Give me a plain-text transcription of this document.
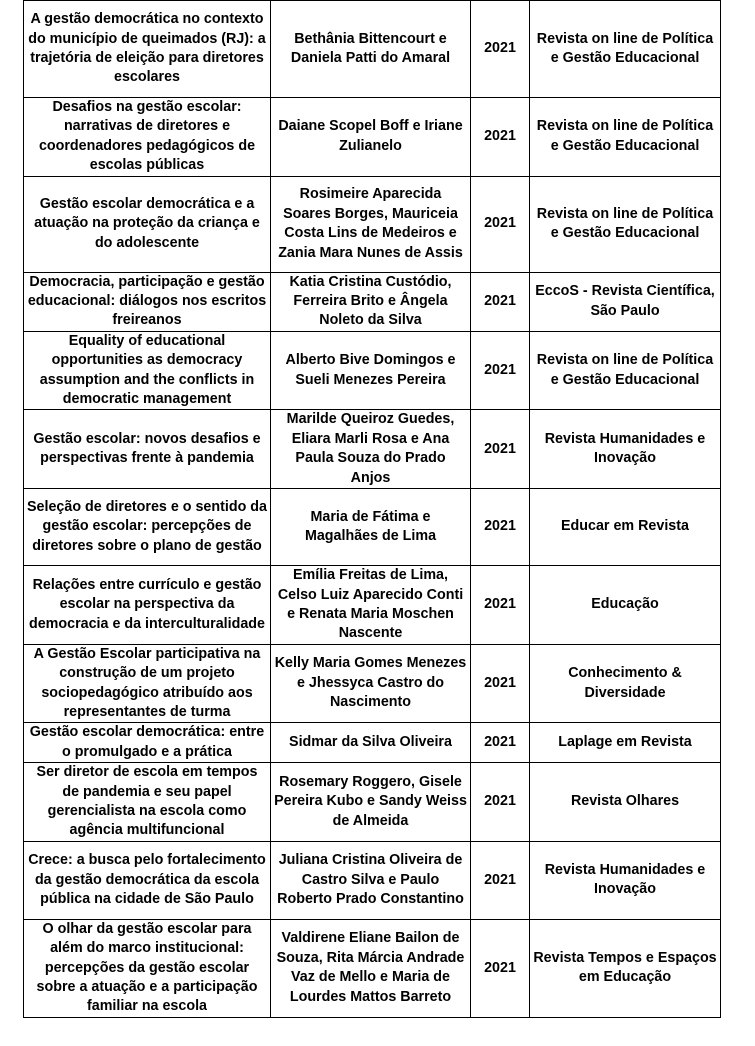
A gestão democrática no contexto do município de queimados (RJ): a trajetória de eleição para diretores escolares	Bethânia Bittencourt e Daniela Patti do Amaral	2021	Revista on line de Política e Gestão Educacional
Desafios na gestão escolar: narrativas de diretores e coordenadores pedagógicos de escolas públicas	Daiane Scopel Boff e Iriane Zulianelo	2021	Revista on line de Política e Gestão Educacional
Gestão escolar democrática e a atuação na proteção da criança e do adolescente	Rosimeire Aparecida Soares Borges, Mauriceia Costa Lins de Medeiros e Zania Mara Nunes de Assis	2021	Revista on line de Política e Gestão Educacional
Democracia, participação e gestão educacional: diálogos nos escritos freireanos	Katia Cristina Custódio, Ferreira Brito e Ângela Noleto da Silva	2021	EccoS - Revista Científica, São Paulo
Equality of educational opportunities as democracy assumption and the conflicts in democratic management	Alberto Bive Domingos e Sueli Menezes Pereira	2021	Revista on line de Política e Gestão Educacional
Gestão escolar: novos desafios e perspectivas frente à pandemia	Marilde Queiroz Guedes, Eliara Marli Rosa e Ana Paula Souza do Prado Anjos	2021	Revista Humanidades e Inovação
Seleção de diretores e o sentido da gestão escolar: percepções de diretores sobre o plano de gestão	Maria de Fátima e Magalhães de Lima	2021	Educar em Revista
Relações entre currículo e gestão escolar na perspectiva da democracia e da interculturalidade	Emília Freitas de Lima, Celso Luiz Aparecido Conti e Renata Maria Moschen Nascente	2021	Educação
A Gestão Escolar participativa na construção de um projeto sociopedagógico atribuído aos representantes de turma	Kelly Maria Gomes Menezes e Jhessyca Castro do Nascimento	2021	Conhecimento & Diversidade
Gestão escolar democrática: entre o promulgado e a prática	Sidmar da Silva Oliveira	2021	Laplage em Revista
Ser diretor de escola em tempos de pandemia e seu papel gerencialista na escola como agência multifuncional	Rosemary Roggero, Gisele Pereira Kubo e Sandy Weiss de Almeida	2021	Revista Olhares
Crece: a busca pelo fortalecimento da gestão democrática da escola pública na cidade de São Paulo	Juliana Cristina Oliveira de Castro Silva e Paulo Roberto Prado Constantino	2021	Revista Humanidades e Inovação
O olhar da gestão escolar para além do marco institucional: percepções da gestão escolar sobre a atuação e a participação familiar na escola	Valdirene Eliane Bailon de Souza, Rita Márcia Andrade Vaz de Mello e Maria de Lourdes Mattos Barreto	2021	Revista Tempos e Espaços em Educação
